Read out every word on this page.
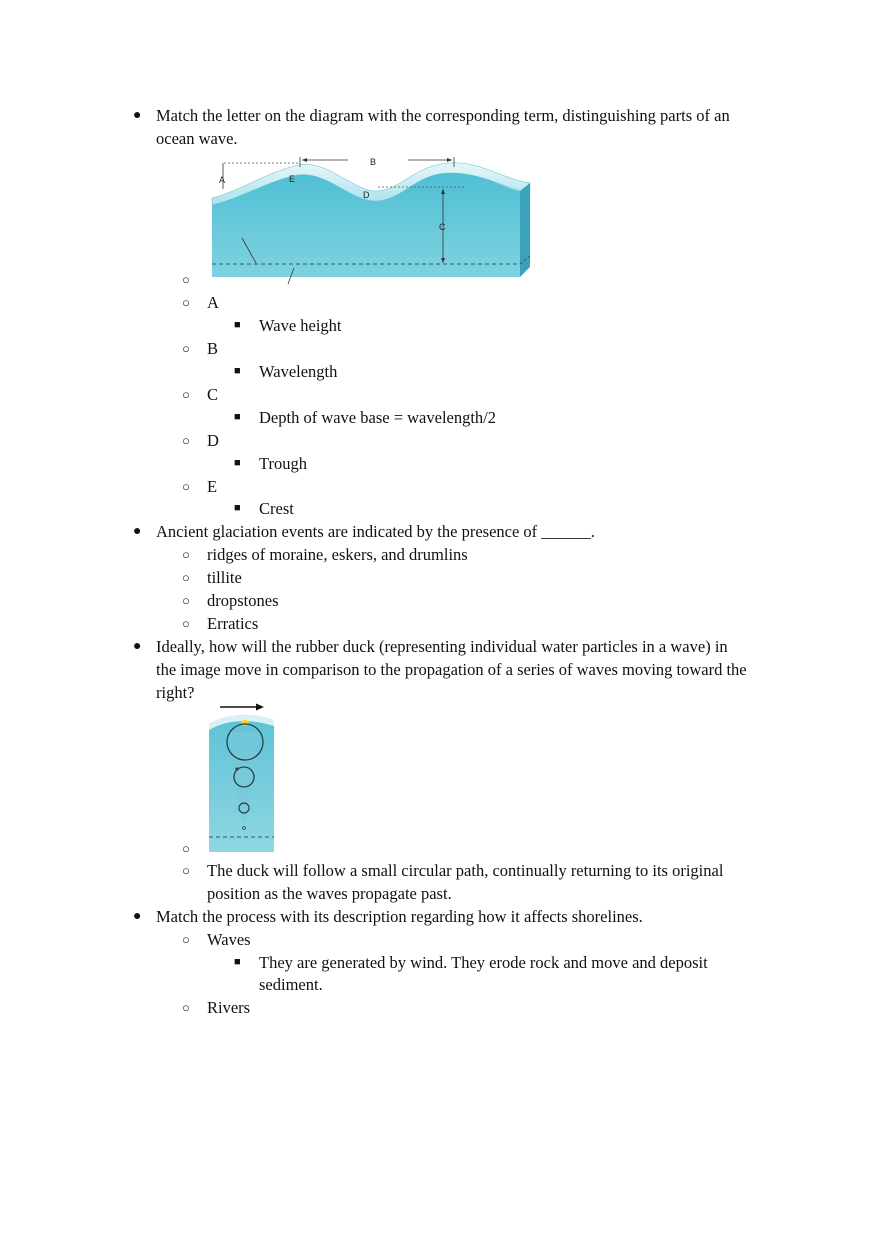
● Match the letter on the diagram with the corresponding term, distinguishing parts of an
ocean wave.
A
B
E
D
C
○
○ A
■ Wave height
○ B
■ Wavelength
○ C
■ Depth of wave base = wavelength/2
○ D
■ Trough
○ E
■ Crest
● Ancient glaciation events are indicated by the presence of ______.
○ ridges of moraine, eskers, and drumlins
○ tillite
○ dropstones
○ Erratics
● Ideally, how will the rubber duck (representing individual water particles in a wave) in
the image move in comparison to the propagation of a series of waves moving toward the
right?
○
○ The duck will follow a small circular path, continually returning to its original
position as the waves propagate past.
● Match the process with its description regarding how it affects shorelines.
○ Waves
■ They are generated by wind. They erode rock and move and deposit
sediment.
○ Rivers
